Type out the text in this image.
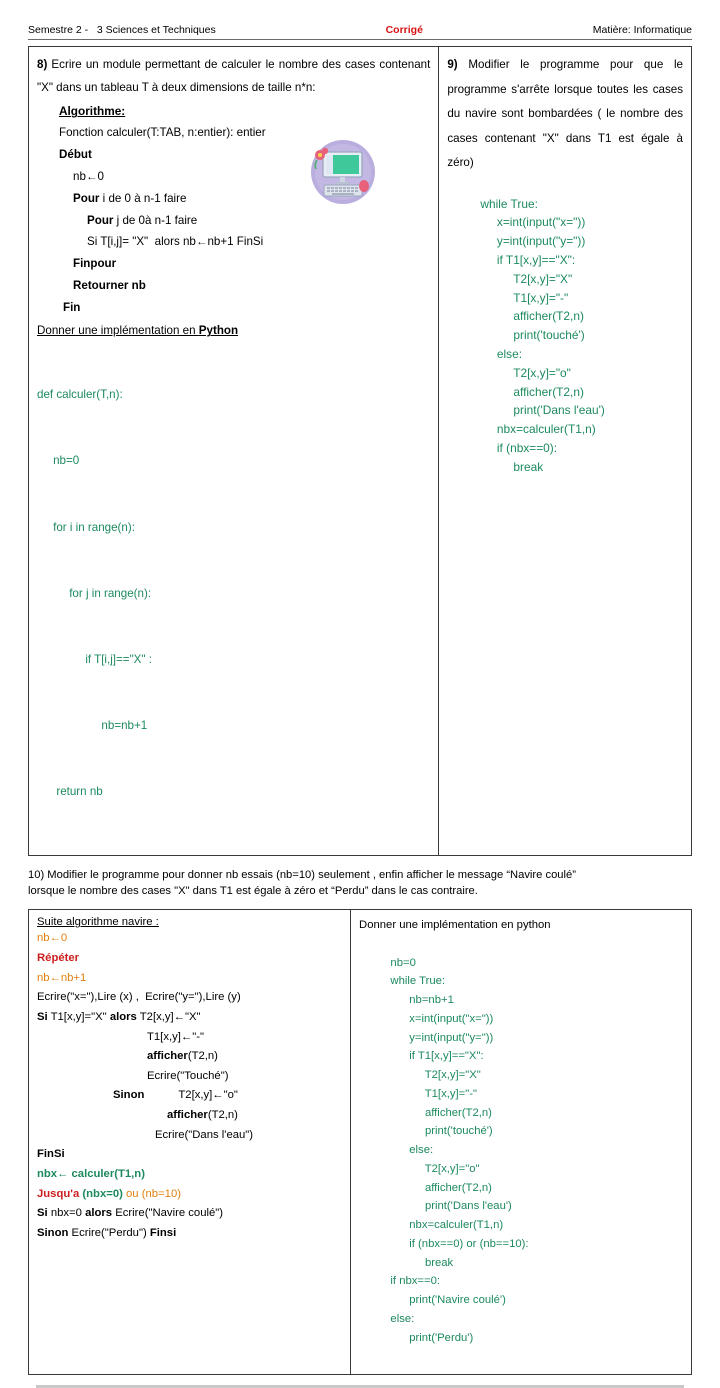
Semestre 2 -   3 Sciences et Techniques	Corrigé	Matière: Informatique
8) Ecrire un module permettant de calculer le nombre des cases contenant "X" dans un tableau T à deux dimensions de taille n*n:
Algorithme:
Fonction calculer(T:TAB, n:entier): entier
Début
nb←0
Pour i de 0 à n-1 faire
Pour j de 0à n-1 faire
Si T[i,j]= "X"  alors nb←nb+1 FinSi
Finpour
Retourner nb
Fin
Donner une implémentation en Python

def calculer(T,n):

nb=0

for i in range(n):

for j in range(n):

if T[i,j]=="X" :

nb=nb+1

return nb

9) Modifier le programme pour que le programme s'arrête lorsque toutes les cases du navire sont bombardées ( le nombre des cases contenant "X" dans T1 est égale à zéro)

while True:
x=int(input("x="))
y=int(input("y="))
if T1[x,y]=="X":
T2[x,y]="X"
T1[x,y]="-"
afficher(T2,n)
print('touché')
else:
T2[x,y]="o"
afficher(T2,n)
print('Dans l'eau')
nbx=calculer(T1,n)
if (nbx==0):
break

10) Modifier le programme pour donner nb essais (nb=10) seulement , enfin afficher le message “Navire coulé”
lorsque le nombre des cases "X" dans T1 est égale à zéro et “Perdu” dans le cas contraire.
Suite algorithme navire :
nb←0
Répéter
nb←nb+1
Ecrire("x="),Lire (x) ,  Ecrire("y="),Lire (y)
Si T1[x,y]="X" alors T2[x,y]←"X"
T1[x,y]←"-"
afficher(T2,n)
Ecrire("Touché")
Sinon	T2[x,y]←"o"
afficher(T2,n)
Ecrire("Dans l'eau")
FinSi
nbx← calculer(T1,n)
Jusqu'a (nbx=0) ou (nb=10)
Si nbx=0 alors Ecrire("Navire coulé")
Sinon Ecrire("Perdu") Finsi

Donner une implémentation en python

nb=0
while True:
nb=nb+1
x=int(input("x="))
y=int(input("y="))
if T1[x,y]=="X":
T2[x,y]="X"
T1[x,y]="-"
afficher(T2,n)
print('touché')
else:
T2[x,y]="o"
afficher(T2,n)
print('Dans l'eau')
nbx=calculer(T1,n)
if (nbx==0) or (nb==10):
break
if nbx==0:
print('Navire coulé')
else:
print('Perdu')
